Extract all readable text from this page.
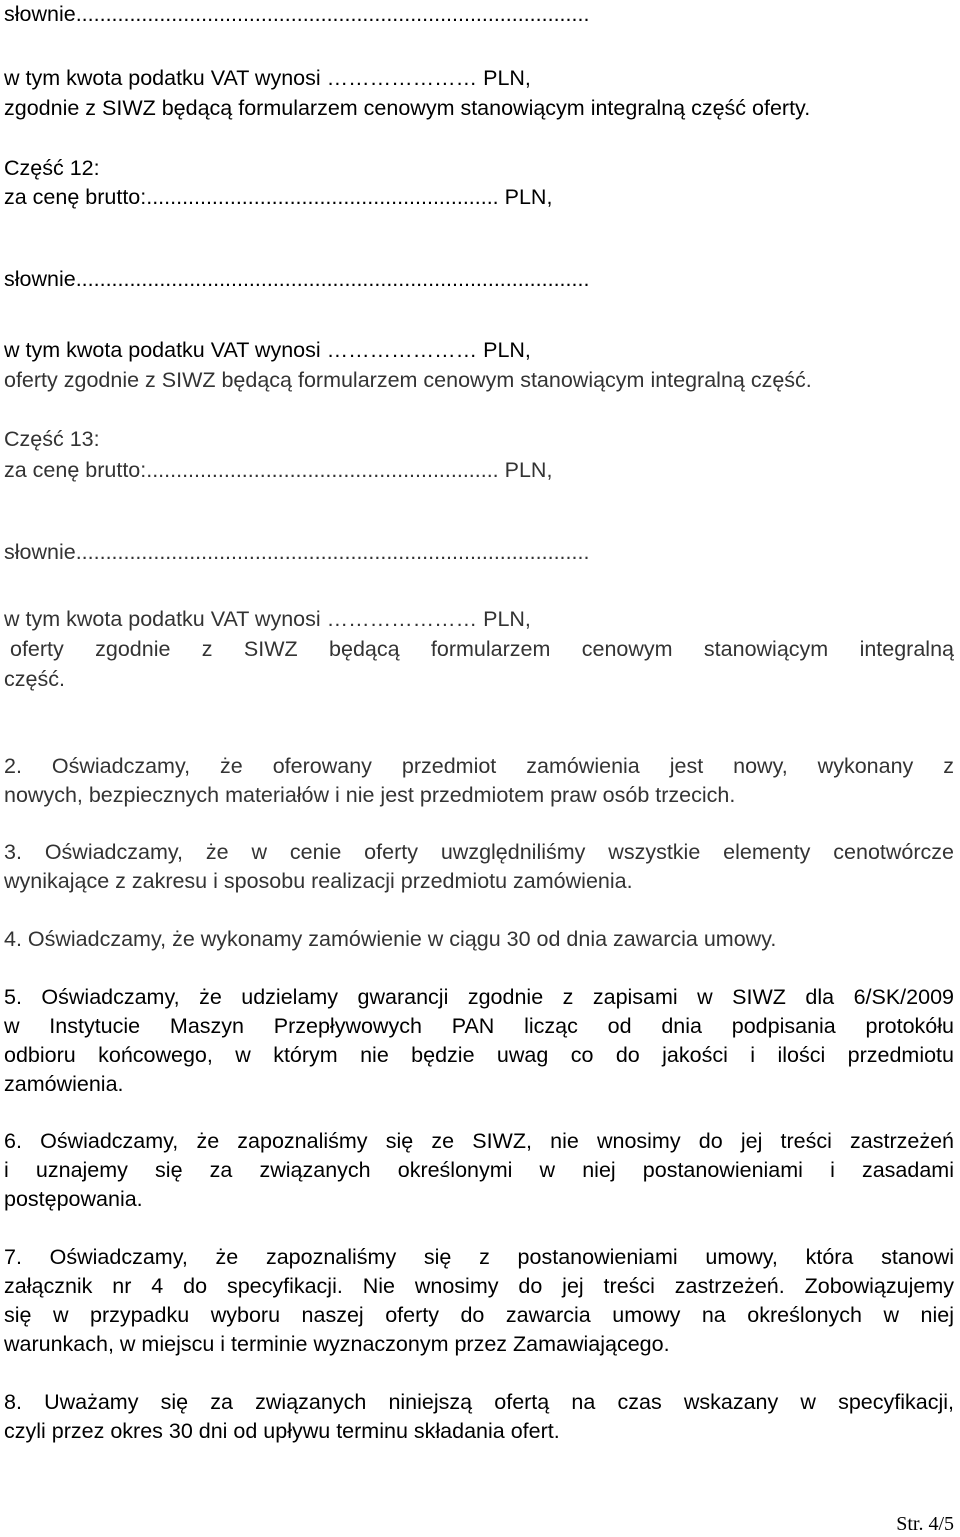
słownie......................................................................................
w tym kwota podatku VAT wynosi ………………… PLN,
zgodnie z SIWZ będącą formularzem cenowym stanowiącym integralną część oferty.
Część 12:
za cenę brutto:........................................................... PLN,
słownie......................................................................................
w tym kwota podatku VAT wynosi ………………… PLN,
oferty zgodnie z SIWZ będącą formularzem cenowym stanowiącym integralną część.
Część 13:
za cenę brutto:........................................................... PLN,
słownie......................................................................................
w tym kwota podatku VAT wynosi ………………… PLN,
oferty zgodnie z SIWZ będącą formularzem cenowym stanowiącym integralną
część.
2. Oświadczamy, że oferowany przedmiot zamówienia jest nowy, wykonany z
nowych, bezpiecznych materiałów i nie jest przedmiotem praw osób trzecich.
3. Oświadczamy, że w cenie oferty uwzględniliśmy wszystkie elementy cenotwórcze
wynikające z zakresu i sposobu realizacji przedmiotu zamówienia.
4. Oświadczamy, że wykonamy zamówienie w ciągu 30 od dnia zawarcia umowy.
5. Oświadczamy, że udzielamy gwarancji zgodnie z zapisami w SIWZ dla 6/SK/2009
w Instytucie Maszyn Przepływowych PAN licząc od dnia podpisania protokółu
odbioru końcowego, w którym nie będzie uwag co do jakości i ilości przedmiotu
zamówienia.
6. Oświadczamy, że zapoznaliśmy się ze SIWZ, nie wnosimy do jej treści zastrzeżeń
i uznajemy się za związanych określonymi w niej postanowieniami i zasadami
postępowania.
7. Oświadczamy, że zapoznaliśmy się z postanowieniami umowy, która stanowi
załącznik nr 4 do specyfikacji. Nie wnosimy do jej treści zastrzeżeń. Zobowiązujemy
się w przypadku wyboru naszej oferty do zawarcia umowy na określonych w niej
warunkach, w miejscu i terminie wyznaczonym przez Zamawiającego.
8. Uważamy się za związanych niniejszą ofertą na czas wskazany w specyfikacji,
czyli przez okres 30 dni od upływu terminu składania ofert.
Str. 4/5
